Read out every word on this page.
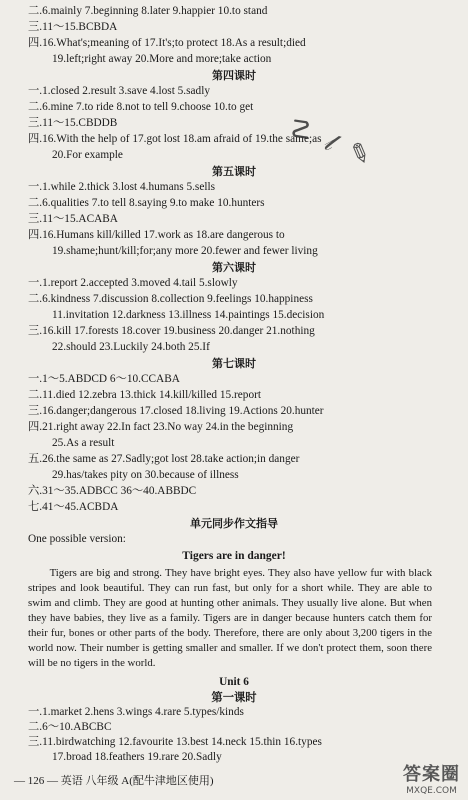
二.6.mainly 7.beginning 8.later 9.happier 10.to stand
三.11～15.BCBDA
四.16.What's;meaning of 17.It's;to protect 18.As a result;died
19.left;right away 20.More and more;take action
第四课时
一.1.closed 2.result 3.save 4.lost 5.sadly
二.6.mine 7.to ride 8.not to tell 9.choose 10.to get
三.11～15.CBDDB
四.16.With the help of 17.got lost 18.am afraid of 19.the same;as
20.For example
第五课时
一.1.while 2.thick 3.lost 4.humans 5.sells
二.6.qualities 7.to tell 8.saying 9.to make 10.hunters
三.11～15.ACABA
四.16.Humans kill/killed 17.work as 18.are dangerous to
19.shame;hunt/kill;for;any more 20.fewer and fewer living
第六课时
一.1.report 2.accepted 3.moved 4.tail 5.slowly
二.6.kindness 7.discussion 8.collection 9.feelings 10.happiness
11.invitation 12.darkness 13.illness 14.paintings 15.decision
三.16.kill 17.forests 18.cover 19.business 20.danger 21.nothing
22.should 23.Luckily 24.both 25.If
第七课时
一.1～5.ABDCD 6～10.CCABA
二.11.died 12.zebra 13.thick 14.kill/killed 15.report
三.16.danger;dangerous 17.closed 18.living 19.Actions 20.hunter
四.21.right away 22.In fact 23.No way 24.in the beginning
25.As a result
五.26.the same as 27.Sadly;got lost 28.take action;in danger
29.has/takes pity on 30.because of illness
六.31～35.ADBCC 36～40.ABBDC
七.41～45.ACBDA
单元同步作文指导
One possible version:
Tigers are in danger!
Tigers are big and strong. They have bright eyes. They also have yellow fur with black stripes and look beautiful. They can run fast, but only for a short while. They are able to swim and climb. They are good at hunting other animals. They usually live alone. But when they have babies, they live as a family. Tigers are in danger because hunters catch them for their fur, bones or other parts of the body. Therefore, there are only about 3,200 tigers in the world now. Their number is getting smaller and smaller. If we don't protect them, soon there will be no tigers in the world.
Unit 6
第一课时
一.1.market 2.hens 3.wings 4.rare 5.types/kinds
二.6～10.ABCBC
三.11.birdwatching 12.favourite 13.best 14.neck 15.thin 16.types
17.broad 18.feathers 19.rare 20.Sadly
☡ 𝓁 ✎
— 126 — 英语 八年级 A(配牛津地区使用)	答案圈
MXQE.COM
